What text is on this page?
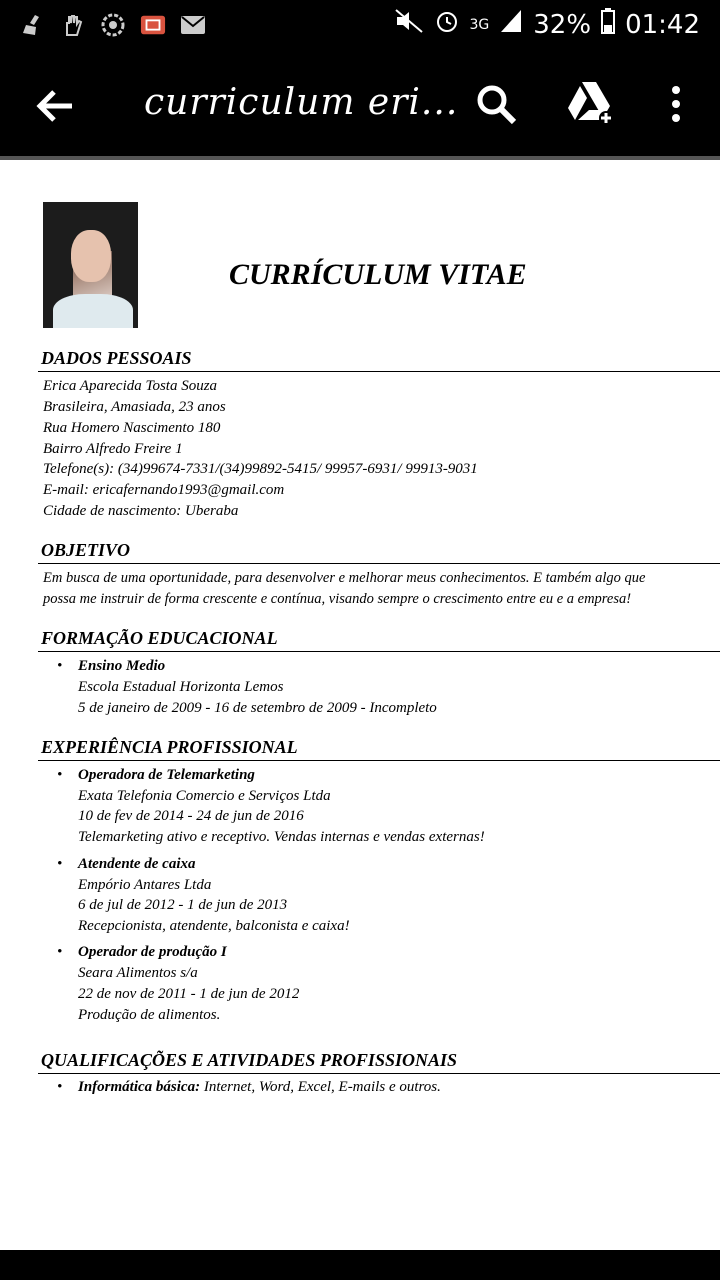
3G 32% 01:42
curriculum eri...
CURRÍCULUM VITAE
DADOS PESSOAIS
Erica Aparecida Tosta Souza
Brasileira, Amasiada, 23 anos
Rua Homero Nascimento 180
Bairro Alfredo Freire 1
Telefone(s): (34)99674-7331/(34)99892-5415/ 99957-6931/ 99913-9031
E-mail: ericafernando1993@gmail.com
Cidade de nascimento: Uberaba
OBJETIVO
Em busca de uma oportunidade, para desenvolver e melhorar meus conhecimentos. E também algo que
possa me instruir de forma crescente e contínua, visando sempre o crescimento entre eu e a empresa!
FORMAÇÃO EDUCACIONAL
• Ensino Medio
Escola Estadual Horizonta Lemos
5 de janeiro de 2009 - 16 de setembro de 2009 - Incompleto
EXPERIÊNCIA PROFISSIONAL
• Operadora de Telemarketing
Exata Telefonia Comercio e Serviços Ltda
10 de fev de 2014 - 24 de jun de 2016
Telemarketing ativo e receptivo. Vendas internas e vendas externas!
• Atendente de caixa
Empório Antares Ltda
6 de jul de 2012 - 1 de jun de 2013
Recepcionista, atendente, balconista e caixa!
• Operador de produção I
Seara Alimentos s/a
22 de nov de 2011 - 1 de jun de 2012
Produção de alimentos.
QUALIFICAÇÕES E ATIVIDADES PROFISSIONAIS
• Informática básica: Internet, Word, Excel, E-mails e outros.
